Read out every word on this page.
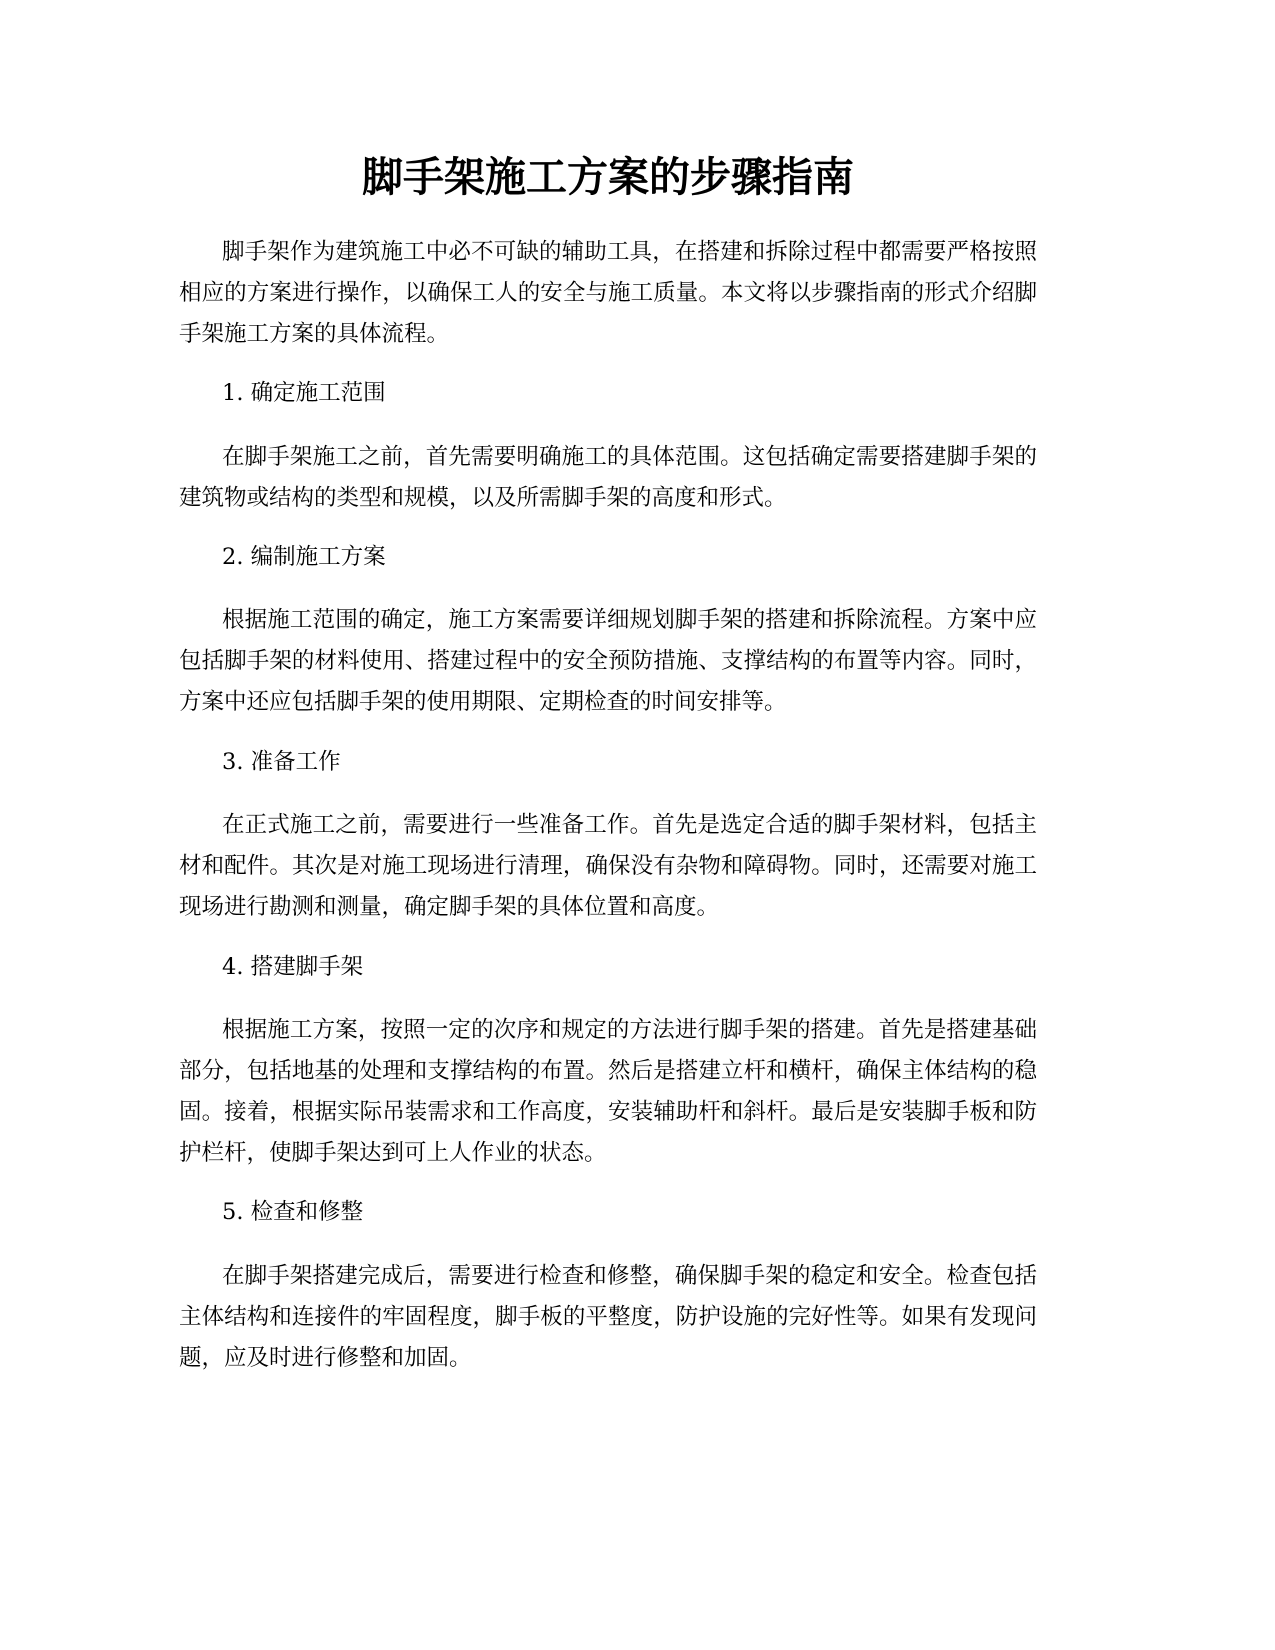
脚手架施工方案的步骤指南

脚手架作为建筑施工中必不可缺的辅助工具，在搭建和拆除过程中都需要严格按照相应的方案进行操作，以确保工人的安全与施工质量。本文将以步骤指南的形式介绍脚手架施工方案的具体流程。

1. 确定施工范围

在脚手架施工之前，首先需要明确施工的具体范围。这包括确定需要搭建脚手架的建筑物或结构的类型和规模，以及所需脚手架的高度和形式。

2. 编制施工方案

根据施工范围的确定，施工方案需要详细规划脚手架的搭建和拆除流程。方案中应包括脚手架的材料使用、搭建过程中的安全预防措施、支撑结构的布置等内容。同时，方案中还应包括脚手架的使用期限、定期检查的时间安排等。

3. 准备工作

在正式施工之前，需要进行一些准备工作。首先是选定合适的脚手架材料，包括主材和配件。其次是对施工现场进行清理，确保没有杂物和障碍物。同时，还需要对施工现场进行勘测和测量，确定脚手架的具体位置和高度。

4. 搭建脚手架

根据施工方案，按照一定的次序和规定的方法进行脚手架的搭建。首先是搭建基础部分，包括地基的处理和支撑结构的布置。然后是搭建立杆和横杆，确保主体结构的稳固。接着，根据实际吊装需求和工作高度，安装辅助杆和斜杆。最后是安装脚手板和防护栏杆，使脚手架达到可上人作业的状态。

5. 检查和修整

在脚手架搭建完成后，需要进行检查和修整，确保脚手架的稳定和安全。检查包括主体结构和连接件的牢固程度，脚手板的平整度，防护设施的完好性等。如果有发现问题，应及时进行修整和加固。
